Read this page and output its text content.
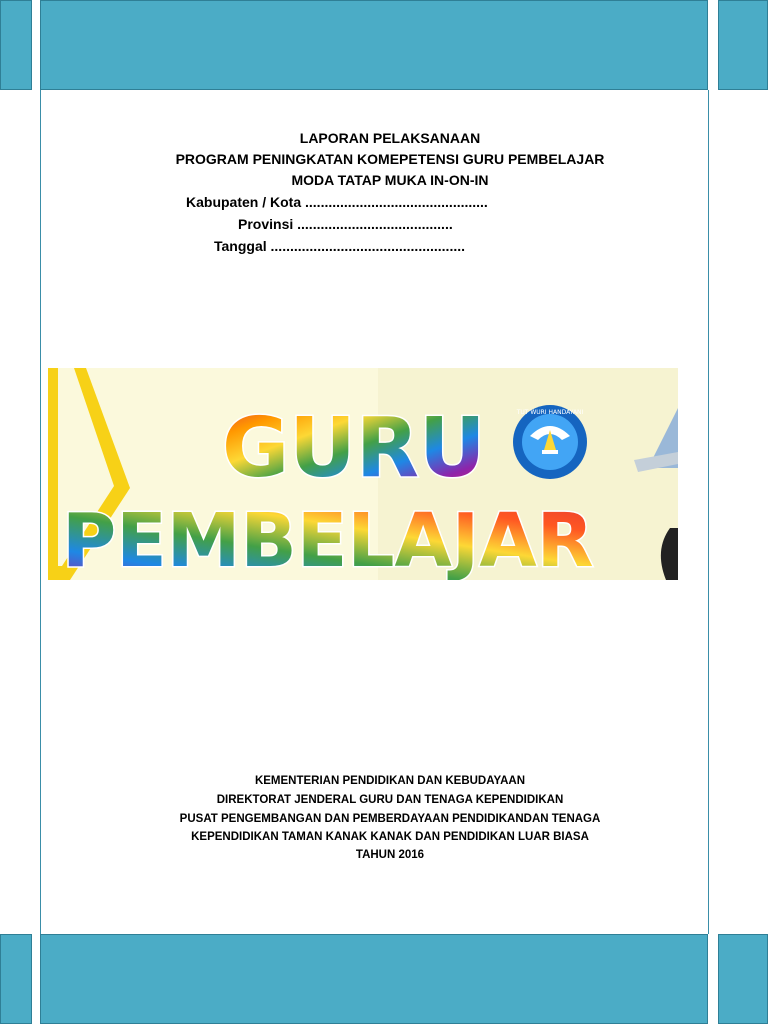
LAPORAN PELAKSANAAN
PROGRAM PENINGKATAN KOMEPETENSI GURU PEMBELAJAR
MODA TATAP MUKA IN-ON-IN
Kabupaten / Kota ...............................................
Provinsi ........................................
Tanggal ..................................................
GURU
PEMBELAJAR
TUT WURI HANDAYANI
KEMENTERIAN PENDIDIKAN DAN KEBUDAYAAN
DIREKTORAT JENDERAL GURU DAN TENAGA KEPENDIDIKAN
PUSAT PENGEMBANGAN DAN PEMBERDAYAAN PENDIDIKANDAN TENAGA
KEPENDIDIKAN TAMAN KANAK KANAK DAN PENDIDIKAN LUAR BIASA
TAHUN 2016
